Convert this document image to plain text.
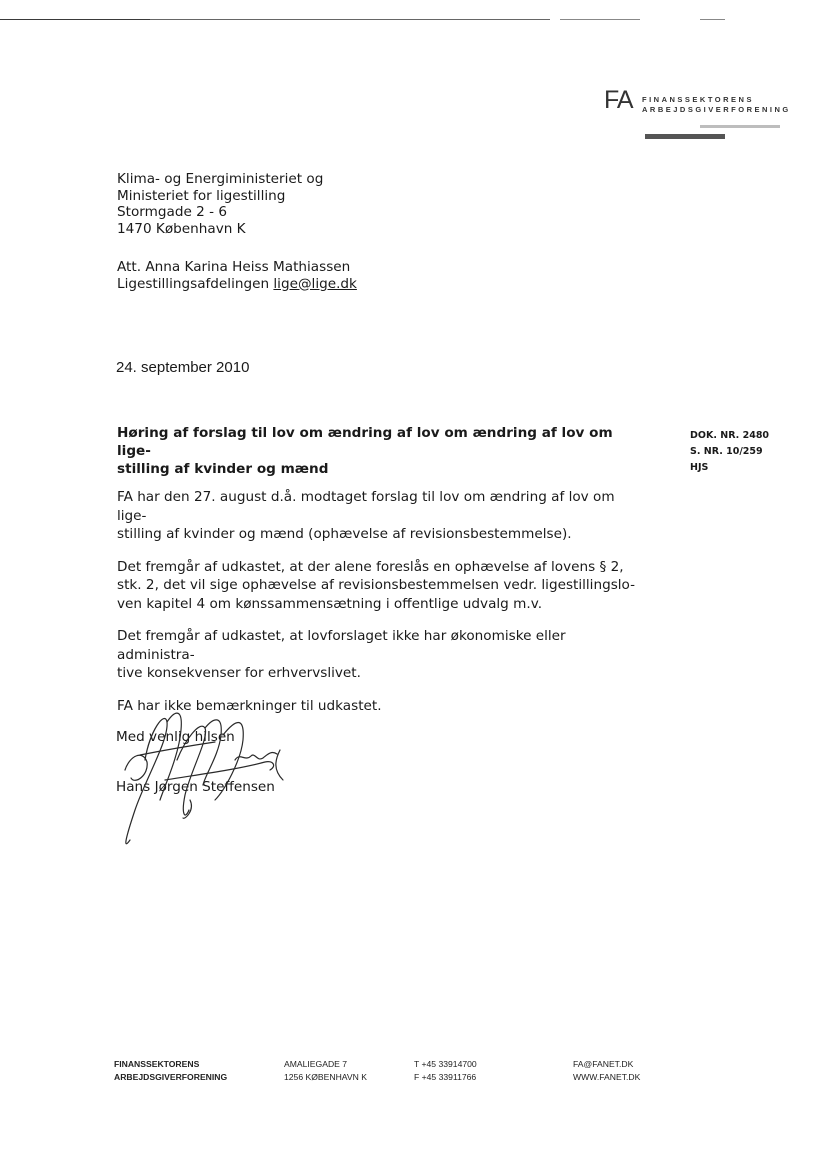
FA FINANSSEKTORENS
ARBEJDSGIVERFORENING
Klima- og Energiministeriet og
Ministeriet for ligestilling
Stormgade 2 - 6
1470 København K
Att. Anna Karina Heiss Mathiassen
Ligestillingsafdelingen lige@lige.dk
24. september 2010
Høring af forslag til lov om ændring af lov om ændring af lov om lige-
stilling af kvinder og mænd
DOK. NR. 2480
S. NR. 10/259
HJS

FA har den 27. august d.å. modtaget forslag til lov om ændring af lov om lige-
stilling af kvinder og mænd (ophævelse af revisionsbestemmelse).

Det fremgår af udkastet, at der alene foreslås en ophævelse af lovens § 2,
stk. 2, det vil sige ophævelse af revisionsbestemmelsen vedr. ligestillingslo-
ven kapitel 4 om kønssammensætning i offentlige udvalg m.v.

Det fremgår af udkastet, at lovforslaget ikke har økonomiske eller administra-
tive konsekvenser for erhvervslivet.

FA har ikke bemærkninger til udkastet.

Med venlig hilsen
Hans Jørgen Steffensen
FINANSSEKTORENS
ARBEJDSGIVERFORENING
AMALIEGADE 7
1256 KØBENHAVN K
T +45 33914700
F +45 33911766
FA@FANET.DK
WWW.FANET.DK
